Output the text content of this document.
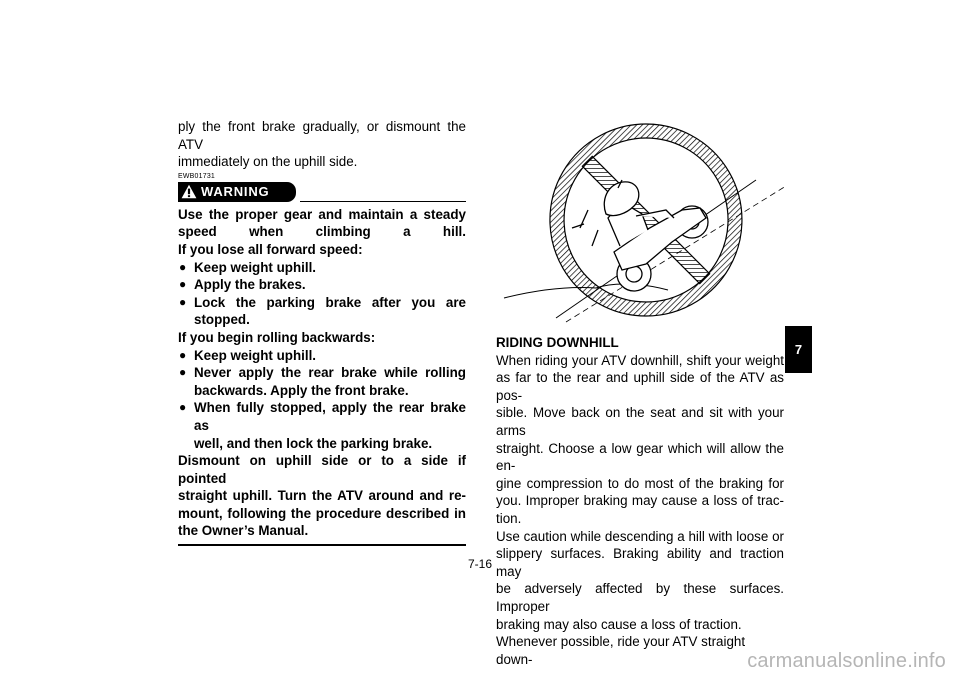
ply the front brake gradually, or dismount the ATV
immediately on the uphill side.
EWB01731
WARNING
Use the proper gear and maintain a steady
speed when climbing a hill.
If you lose all forward speed:
● Keep weight uphill.
● Apply the brakes.
● Lock the parking brake after you are
stopped.
If you begin rolling backwards:
● Keep weight uphill.
● Never apply the rear brake while rolling
backwards. Apply the front brake.
● When fully stopped, apply the rear brake as
well, and then lock the parking brake.
Dismount on uphill side or to a side if pointed
straight uphill. Turn the ATV around and re-
mount, following the procedure described in
the Owner’s Manual.
RIDING DOWNHILL
When riding your ATV downhill, shift your weight
as far to the rear and uphill side of the ATV as pos-
sible. Move back on the seat and sit with your arms
straight. Choose a low gear which will allow the en-
gine compression to do most of the braking for
you. Improper braking may cause a loss of trac-
tion.
Use caution while descending a hill with loose or
slippery surfaces. Braking ability and traction may
be adversely affected by these surfaces. Improper
braking may also cause a loss of traction.
Whenever possible, ride your ATV straight down-
7
7-16
carmanualsonline.info
